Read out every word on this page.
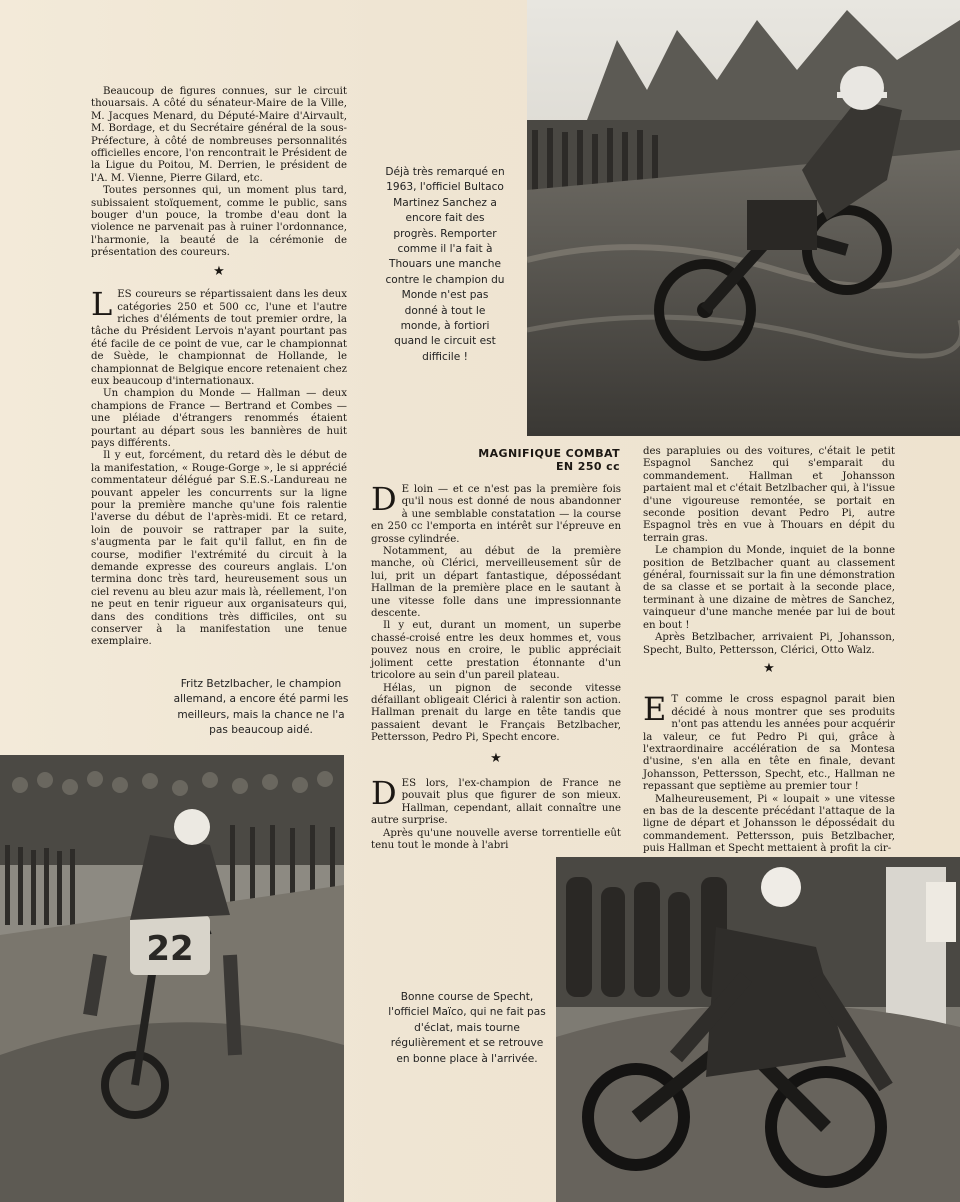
Beaucoup de figures connues, sur le circuit thouarsais. A côté du sénateur-Maire de la Ville, M. Jacques Menard, du Député-Maire d'Airvault, M. Bordage, et du Secrétaire général de la sous-Préfecture, à côté de nombreuses personnalités officielles encore, l'on rencontrait le Président de la Ligue du Poitou, M. Derrien, le président de l'A. M. Vienne, Pierre Gilard, etc.

Toutes personnes qui, un moment plus tard, subissaient stoïquement, comme le public, sans bouger d'un pouce, la trombe d'eau dont la violence ne parvenait pas à ruiner l'ordonnance, l'harmonie, la beauté de la cérémonie de présentation des coureurs.

★

LES coureurs se répartissaient dans les deux catégories 250 et 500 cc, l'une et l'autre riches d'éléments de tout premier ordre, la tâche du Président Lervois n'ayant pourtant pas été facile de ce point de vue, car le championnat de Suède, le championnat de Hollande, le championnat de Belgique encore retenaient chez eux beaucoup d'internationaux.

Un champion du Monde — Hallman — deux champions de France — Bertrand et Combes — une pléiade d'étrangers renommés étaient pourtant au départ sous les bannières de huit pays différents.

Il y eut, forcément, du retard dès le début de la manifestation, « Rouge-Gorge », le si apprécié commentateur délégué par S.E.S.-Landureau ne pouvant appeler les concurrents sur la ligne pour la première manche qu'une fois ralentie l'averse du début de l'après-midi. Et ce retard, loin de pouvoir se rattraper par la suite, s'augmenta par le fait qu'il fallut, en fin de course, modifier l'extrémité du circuit à la demande expresse des coureurs anglais. L'on termina donc très tard, heureusement sous un ciel revenu au bleu azur mais là, réellement, l'on ne peut en tenir rigueur aux organisateurs qui, dans des conditions très difficiles, ont su conserver à la manifestation une tenue exemplaire.

Déjà très remarqué en 1963, l'officiel Bultaco Martinez Sanchez a encore fait des progrès. Remporter comme il l'a fait à Thouars une manche contre le champion du Monde n'est pas donné à tout le monde, à fortiori quand le circuit est difficile !
MAGNIFIQUE COMBAT
EN 250 cc

D E loin — et ce n'est pas la première fois qu'il nous est donné de nous abandonner à une semblable constatation — la course en 250 cc l'emporta en intérêt sur l'épreuve en grosse cylindrée.

Notamment, au début de la première manche, où Clérici, merveilleusement sûr de lui, prit un départ fantastique, dépossédant Hallman de la première place en le sautant à une vitesse folle dans une impressionnante descente.

Il y eut, durant un moment, un superbe chassé-croisé entre les deux hommes et, vous pouvez nous en croire, le public appréciait joliment cette prestation étonnante d'un tricolore au sein d'un pareil plateau.

Hélas, un pignon de seconde vitesse défaillant obligeait Clérici à ralentir son action. Hallman prenait du large en tête tandis que passaient devant le Français Betzlbacher, Pettersson, Pedro Pi, Specht encore.

★

DES lors, l'ex-champion de France ne pouvait plus que figurer de son mieux. Hallman, cependant, allait connaître une autre surprise.

Après qu'une nouvelle averse torrentielle eût tenu tout le monde à l'abri

des parapluies ou des voitures, c'était le petit Espagnol Sanchez qui s'emparait du commandement. Hallman et Johansson partaient mal et c'était Betzlbacher qui, à l'issue d'une vigoureuse remontée, se portait en seconde position devant Pedro Pi, autre Espagnol très en vue à Thouars en dépit du terrain gras.

Le champion du Monde, inquiet de la bonne position de Betzlbacher quant au classement général, fournissait sur la fin une démonstration de sa classe et se portait à la seconde place, terminant à une dizaine de mètres de Sanchez, vainqueur d'une manche menée par lui de bout en bout !

Après Betzlbacher, arrivaient Pi, Johansson, Specht, Bulto, Pettersson, Clérici, Otto Walz.

★

E T comme le cross espagnol parait bien décidé à nous montrer que ses produits n'ont pas attendu les années pour acquérir la valeur, ce fut Pedro Pi qui, grâce à l'extraordinaire accélération de sa Montesa d'usine, s'en alla en tête en finale, devant Johansson, Pettersson, Specht, etc., Hallman ne repassant que septième au premier tour !

Malheureusement, Pi « loupait » une vitesse en bas de la descente précédant l'attaque de la ligne de départ et Johansson le dépossédait du commandement. Pettersson, puis Betzlbacher, puis Hallman et Specht mettaient à profit la cir-

Fritz Betzlbacher, le champion allemand, a encore été parmi les meilleurs, mais la chance ne l'a pas beaucoup aidé.
22
Bonne course de Specht, l'officiel Maïco, qui ne fait pas d'éclat, mais tourne régulièrement et se retrouve en bonne place à l'arrivée.
